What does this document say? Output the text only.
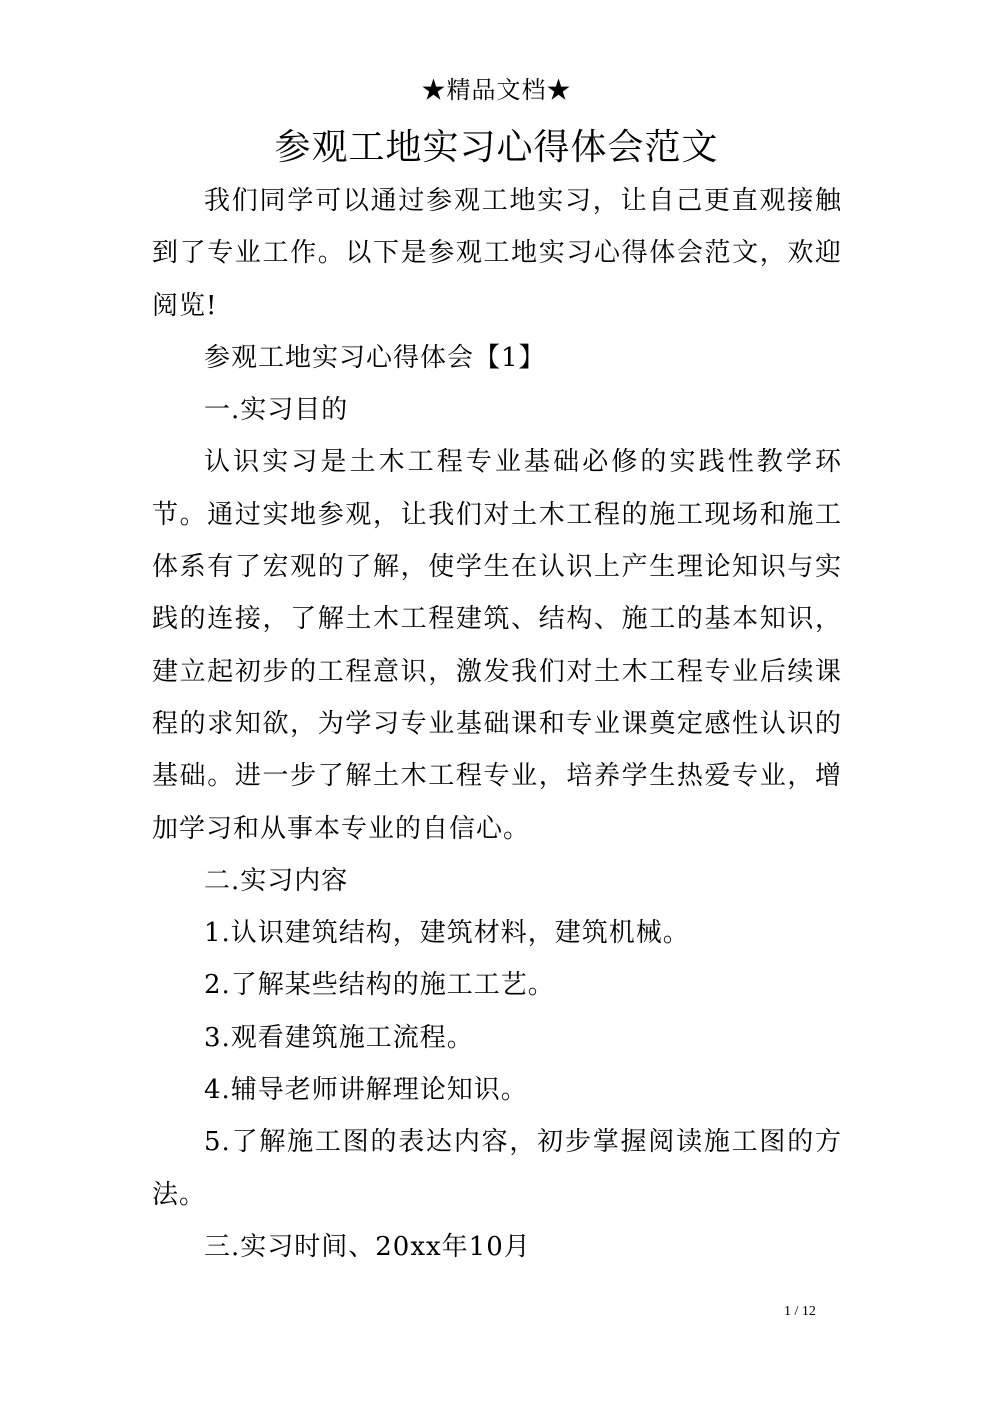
★精品文档★
参观工地实习心得体会范文

我们同学可以通过参观工地实习，让自己更直观接触到了专业工作。以下是参观工地实习心得体会范文，欢迎阅览!

参观工地实习心得体会【1】

一.实习目的

认识实习是土木工程专业基础必修的实践性教学环节。通过实地参观，让我们对土木工程的施工现场和施工体系有了宏观的了解，使学生在认识上产生理论知识与实践的连接，了解土木工程建筑、结构、施工的基本知识，建立起初步的工程意识，激发我们对土木工程专业后续课程的求知欲，为学习专业基础课和专业课奠定感性认识的基础。进一步了解土木工程专业，培养学生热爱专业，增加学习和从事本专业的自信心。

二.实习内容

1.认识建筑结构，建筑材料，建筑机械。

2.了解某些结构的施工工艺。

3.观看建筑施工流程。

4.辅导老师讲解理论知识。

5.了解施工图的表达内容，初步掌握阅读施工图的方法。

三.实习时间、20xx年10月

1 / 12
